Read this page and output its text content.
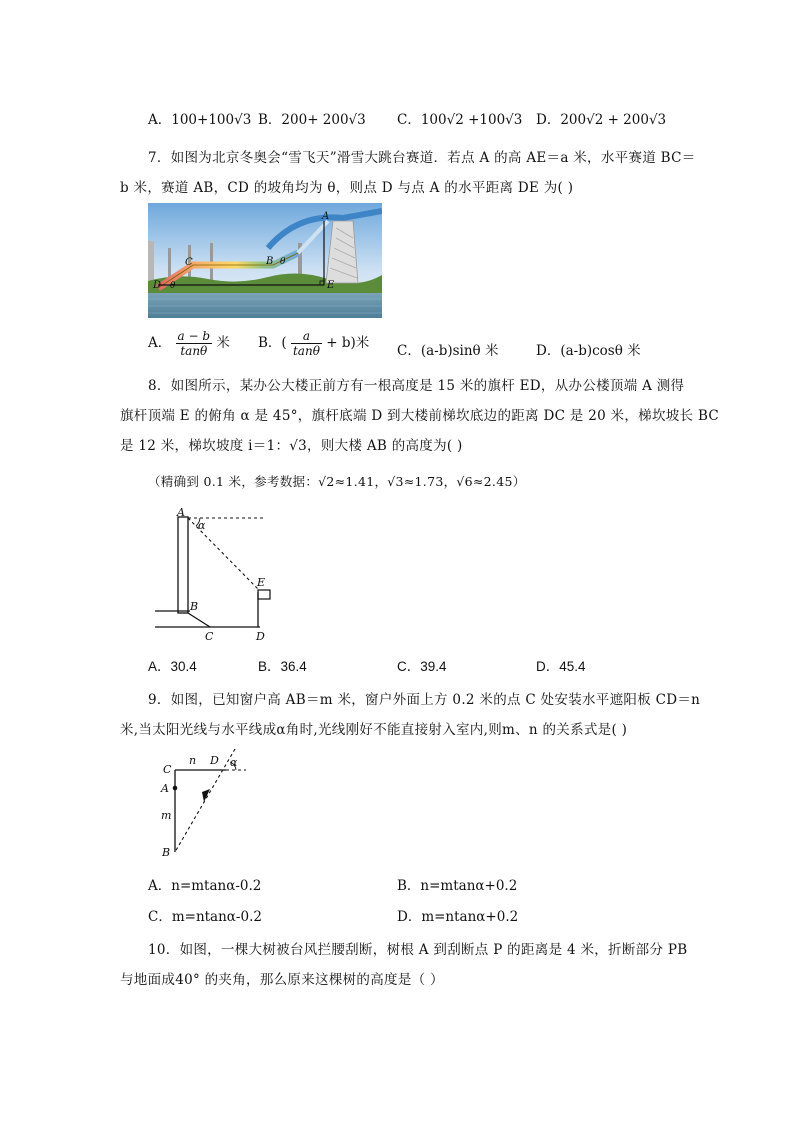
A．100+100√3 B．200+ 200√3 C．100√2 +100√3 D．200√2 + 200√3
7．如图为北京冬奥会“雪飞天”滑雪大跳台赛道．若点 A 的高 AE＝a 米，水平赛道 BC＝
b 米，赛道 AB，CD 的坡角均为 θ，则点 D 与点 A 的水平距离 DE 为( )
A
B θ
C
D θ	E
A． $\frac{a - b}{\tan\theta}$ 米 B．( $\frac{a}{\tan\theta} + b$)米 C．(a-b)sinθ 米	D．(a-b)cosθ 米
8．如图所示，某办公大楼正前方有一根高度是 15 米的旗杆 ED，从办公楼顶端 A 测得
旗杆顶端 E 的俯角 α 是 45°，旗杆底端 D 到大楼前梯坎底边的距离 DC 是 20 米，梯坎坡长 BC
是 12 米，梯坎坡度 i＝1：√3，则大楼 AB 的高度为( )
（精确到 0.1 米，参考数据：√2≈1.41，√3≈1.73，√6≈2.45）
A
α
B
C	D
E
A．30.4	B．36.4	C．39.4	D．45.4
9．如图，已知窗户高 AB＝m 米，窗户外面上方 0.2 米的点 C 处安装水平遮阳板 CD＝n
米,当太阳光线与水平线成α角时,光线刚好不能直接射入室内,则m、n 的关系式是( )
C
n D α
A
m
B
A．n=mtanα-0.2	B．n=mtanα+0.2
C．m=ntanα-0.2	D．m=ntanα+0.2
10．如图，一棵大树被台风拦腰刮断，树根 A 到刮断点 P 的距离是 4 米，折断部分 PB
与地面成40° 的夹角，那么原来这棵树的高度是（ ）
